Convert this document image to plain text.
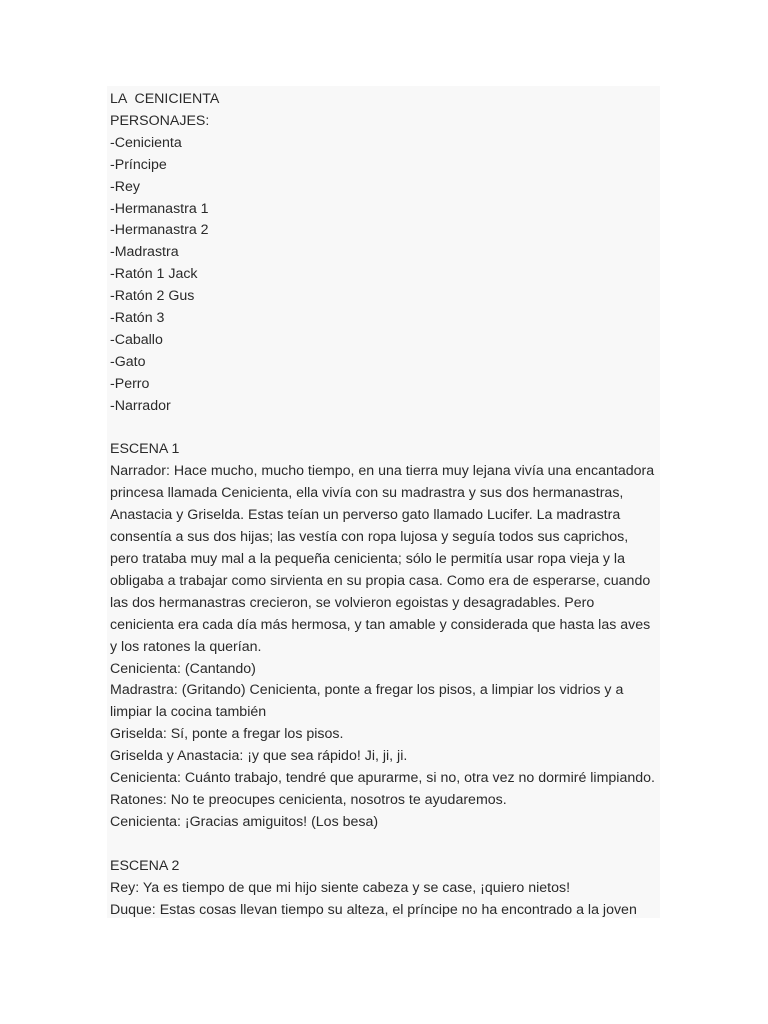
LA  CENICIENTA
PERSONAJES:
-Cenicienta
-Príncipe
-Rey
-Hermanastra 1
-Hermanastra 2
-Madrastra
-Ratón 1 Jack
-Ratón 2 Gus
-Ratón 3
-Caballo
-Gato
-Perro
-Narrador
ESCENA 1
Narrador: Hace mucho, mucho tiempo, en una tierra muy lejana vivía una encantadora
princesa llamada Cenicienta, ella vivía con su madrastra y sus dos hermanastras,
Anastacia y Griselda. Estas teían un perverso gato llamado Lucifer. La madrastra
consentía a sus dos hijas; las vestía con ropa lujosa y seguía todos sus caprichos,
pero trataba muy mal a la pequeña cenicienta; sólo le permitía usar ropa vieja y la
obligaba a trabajar como sirvienta en su propia casa. Como era de esperarse, cuando
las dos hermanastras crecieron, se volvieron egoistas y desagradables. Pero
cenicienta era cada día más hermosa, y tan amable y considerada que hasta las aves
y los ratones la querían.
Cenicienta: (Cantando)
Madrastra: (Gritando) Cenicienta, ponte a fregar los pisos, a limpiar los vidrios y a
limpiar la cocina también
Griselda: Sí, ponte a fregar los pisos.
Griselda y Anastacia: ¡y que sea rápido! Ji, ji, ji.
Cenicienta: Cuánto trabajo, tendré que apurarme, si no, otra vez no dormiré limpiando.
Ratones: No te preocupes cenicienta, nosotros te ayudaremos.
Cenicienta: ¡Gracias amiguitos! (Los besa)
ESCENA 2
Rey: Ya es tiempo de que mi hijo siente cabeza y se case, ¡quiero nietos!
Duque: Estas cosas llevan tiempo su alteza, el príncipe no ha encontrado a la joven
